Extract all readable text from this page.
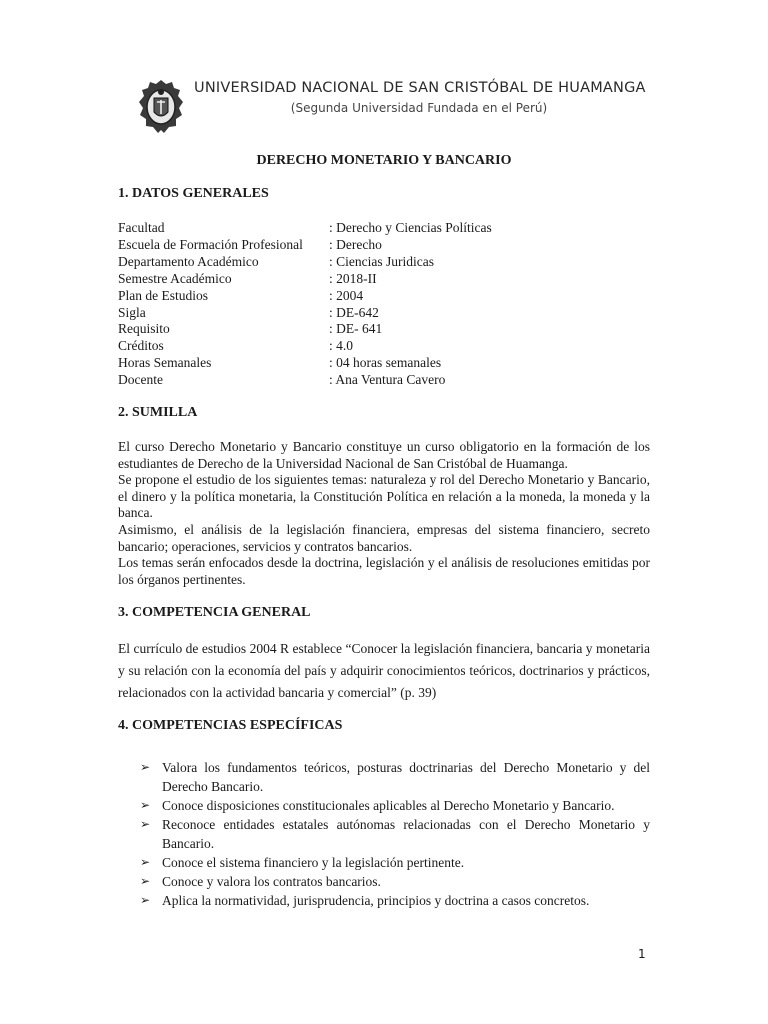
UNIVERSIDAD NACIONAL DE SAN CRISTÓBAL DE HUAMANGA
(Segunda Universidad Fundada en el Perú)
DERECHO MONETARIO Y BANCARIO
1. DATOS GENERALES
Facultad	: Derecho y Ciencias Políticas
Escuela de Formación Profesional	: Derecho
Departamento Académico	: Ciencias Juridicas
Semestre Académico	: 2018-II
Plan de Estudios	: 2004
Sigla	: DE-642
Requisito	: DE- 641
Créditos	: 4.0
Horas Semanales	: 04 horas semanales
Docente	: Ana Ventura Cavero
2. SUMILLA

El curso Derecho Monetario y Bancario constituye un curso obligatorio en la formación de los estudiantes de Derecho de la Universidad Nacional de San Cristóbal de Huamanga.

Se propone el estudio de los siguientes temas: naturaleza y rol del Derecho Monetario y Bancario, el dinero y la política monetaria, la Constitución Política en relación a la moneda, la moneda y la banca.

Asimismo, el análisis de la legislación financiera, empresas del sistema financiero, secreto bancario; operaciones, servicios y contratos bancarios.

Los temas serán enfocados desde la doctrina, legislación y el análisis de resoluciones emitidas por los órganos pertinentes.

3. COMPETENCIA GENERAL

El currículo de estudios 2004 R establece “Conocer la legislación financiera, bancaria y monetaria y su relación con la economía del país y adquirir conocimientos teóricos, doctrinarios y prácticos, relacionados con la actividad bancaria y comercial” (p. 39)

4. COMPETENCIAS ESPECÍFICAS
➢ Valora los fundamentos teóricos, posturas doctrinarias del Derecho Monetario y del Derecho Bancario.
➢ Conoce disposiciones constitucionales aplicables al Derecho Monetario y Bancario.
➢ Reconoce entidades estatales autónomas relacionadas con el Derecho Monetario y Bancario.
➢ Conoce el sistema financiero y la legislación pertinente.
➢ Conoce y valora los contratos bancarios.
➢ Aplica la normatividad, jurisprudencia, principios y doctrina a casos concretos.
1
